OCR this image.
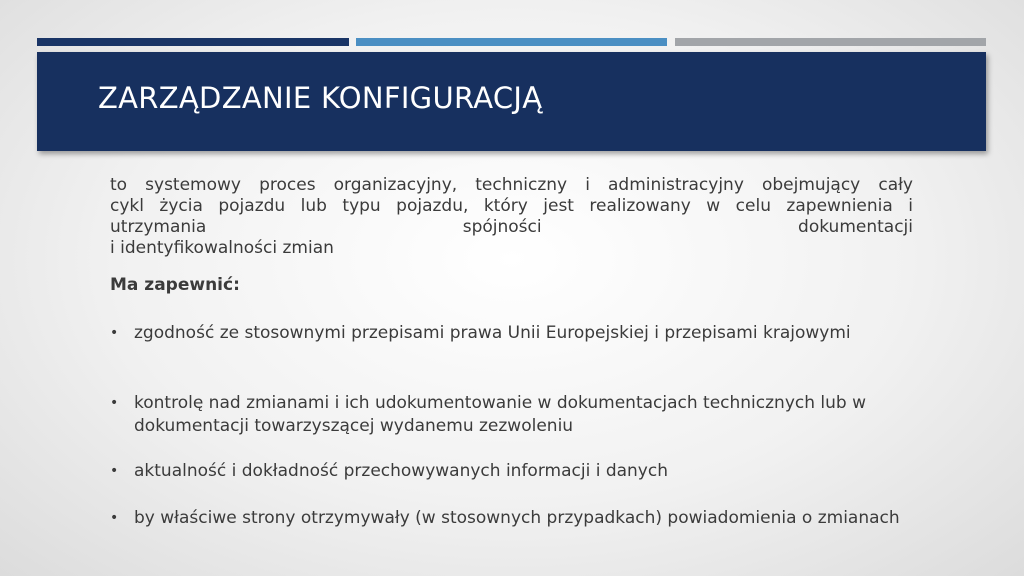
ZARZĄDZANIE KONFIGURACJĄ

to systemowy proces organizacyjny, techniczny i administracyjny obejmujący cały

cykl życia pojazdu lub typu pojazdu, który jest realizowany w celu zapewnienia i

utrzymania spójności dokumentacji

i identyfikowalności zmian

Ma zapewnić:

• zgodność ze stosownymi przepisami prawa Unii Europejskiej i przepisami krajowymi
• kontrolę nad zmianami i ich udokumentowanie w dokumentacjach technicznych lub w dokumentacji towarzyszącej wydanemu zezwoleniu
• aktualność i dokładność przechowywanych informacji i danych
• by właściwe strony otrzymywały (w stosownych przypadkach) powiadomienia o zmianach
